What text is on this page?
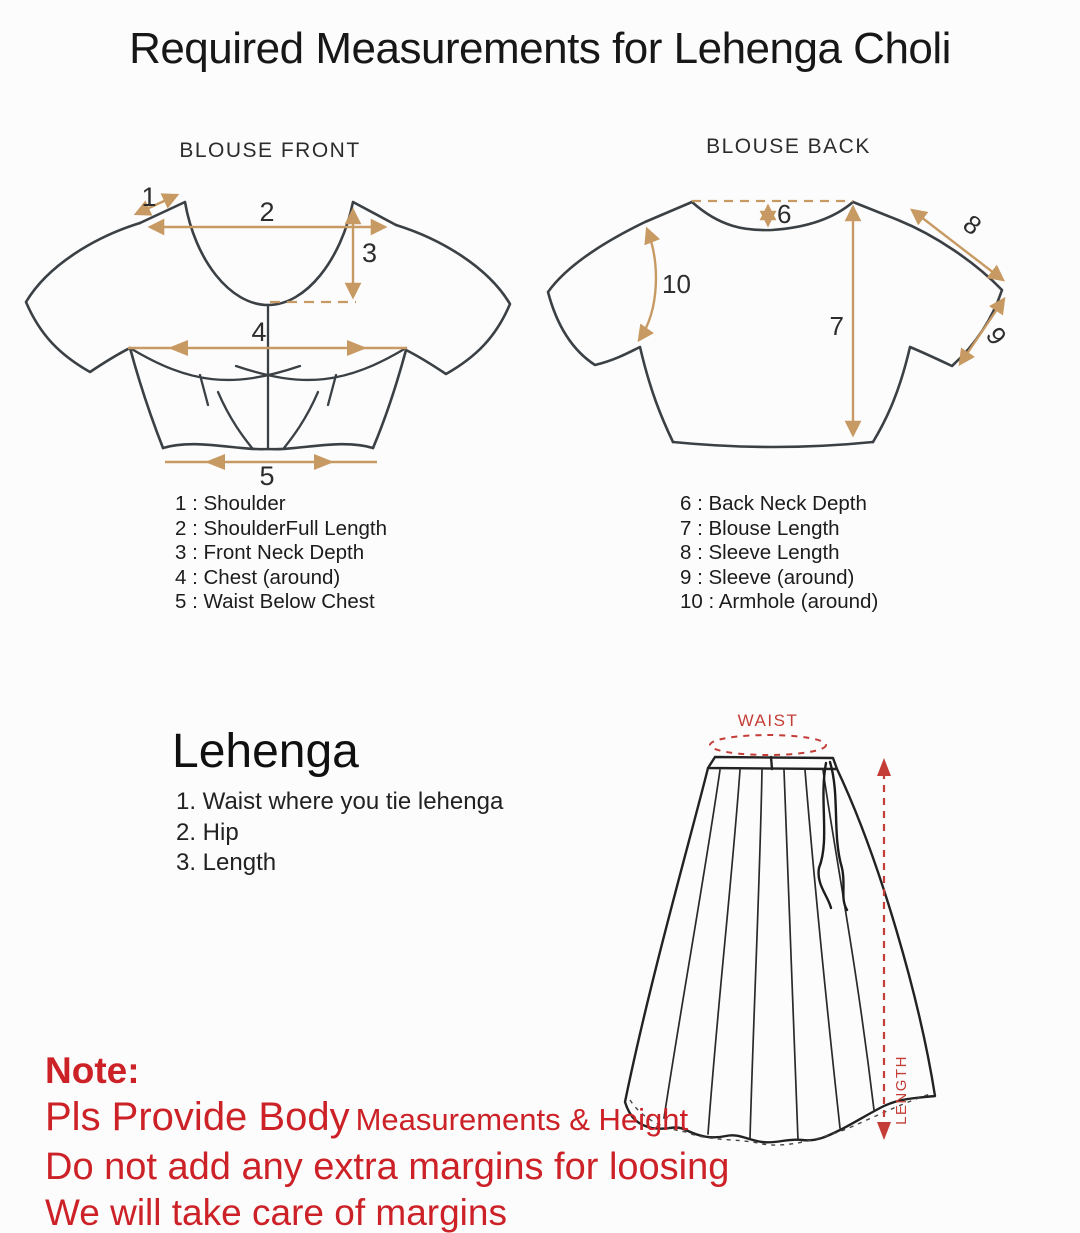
Required Measurements for Lehenga Choli
BLOUSE FRONT	BLOUSE BACK
1	2
3
4
5
6
7
8
9
10
1 : Shoulder
2 : ShoulderFull Length
3 : Front Neck Depth
4 : Chest (around)
5 : Waist Below Chest
6 : Back Neck Depth
7 : Blouse Length
8 : Sleeve Length
9 : Sleeve (around)
10 : Armhole (around)
Lehenga
1. Waist where you tie lehenga
2. Hip
3. Length
WAIST
LENGTH
Note:
Pls Provide Body Measurements & Height
Do not add any extra margins for loosing
We will take care of margins
